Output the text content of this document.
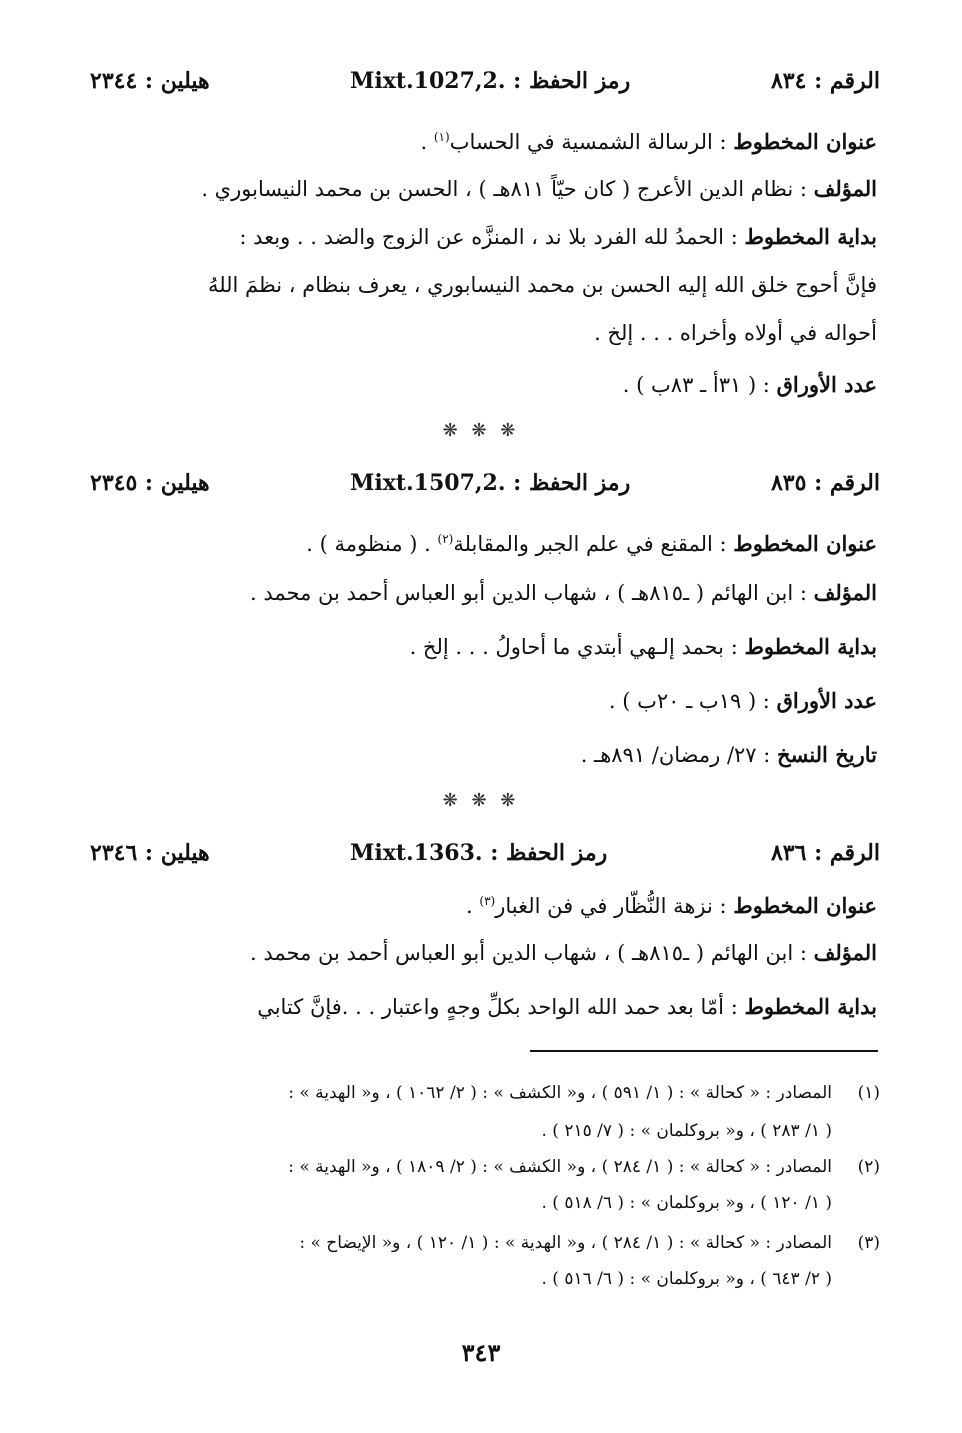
الرقم : ٨٣٤
رمز الحفظ : .Mixt.1027,2
هيلين : ٢٣٤٤
عنوان المخطوط : الرسالة الشمسية في الحساب$^{(١)}$ .
المؤلف : نظام الدين الأعرج ( كان حيّاً ٨١١هـ ) ، الحسن بن محمد النيسابوري .
بداية المخطوط : الحمدُ لله الفرد بلا ند ، المنزَّه عن الزوج والضد . . وبعد :
فإنَّ أحوج خلق الله إليه الحسن بن محمد النيسابوري ، يعرف بنظام ، نظمَ اللهُ
أحواله في أولاه وأخراه . . . إلخ .
عدد الأوراق : ( ٣١أ ـ ٨٣ب ) .
❋ ❋ ❋
الرقم : ٨٣٥
رمز الحفظ : .Mixt.1507,2
هيلين : ٢٣٤٥
عنوان المخطوط : المقنع في علم الجبر والمقابلة$^{(٢)}$ . ( منظومة ) .
المؤلف : ابن الهائم ( ـ٨١٥هـ ) ، شهاب الدين أبو العباس أحمد بن محمد .
بداية المخطوط : بحمد إلـهي أبتدي ما أحاولُ . . . إلخ .
عدد الأوراق : ( ١٩ب ـ ٢٠ب ) .
تاريخ النسخ : ٢٧/ رمضان/ ٨٩١هـ .
❋ ❋ ❋
الرقم : ٨٣٦
رمز الحفظ : .Mixt.1363
هيلين : ٢٣٤٦
عنوان المخطوط : نزهة النُّظّار في فن الغبار$^{(٣)}$ .
المؤلف : ابن الهائم ( ـ٨١٥هـ ) ، شهاب الدين أبو العباس أحمد بن محمد .
بداية المخطوط : أمّا بعد حمد الله الواحد بكلِّ وجهٍ واعتبار . . .فإنَّ كتابي
(١)المصادر : « كحالة » : ( ١/ ٥٩١ ) ، و« الكشف » : ( ٢/ ١٠٦٢ ) ، و« الهدية » :
( ١/ ٢٨٣ ) ، و« بروكلمان » : ( ٧/ ٢١٥ ) .
(٢)المصادر : « كحالة » : ( ١/ ٢٨٤ ) ، و« الكشف » : ( ٢/ ١٨٠٩ ) ، و« الهدية » :
( ١/ ١٢٠ ) ، و« بروكلمان » : ( ٦/ ٥١٨ ) .
(٣)المصادر : « كحالة » : ( ١/ ٢٨٤ ) ، و« الهدية » : ( ١/ ١٢٠ ) ، و« الإيضاح » :
( ٢/ ٦٤٣ ) ، و« بروكلمان » : ( ٦/ ٥١٦ ) .
٣٤٣
